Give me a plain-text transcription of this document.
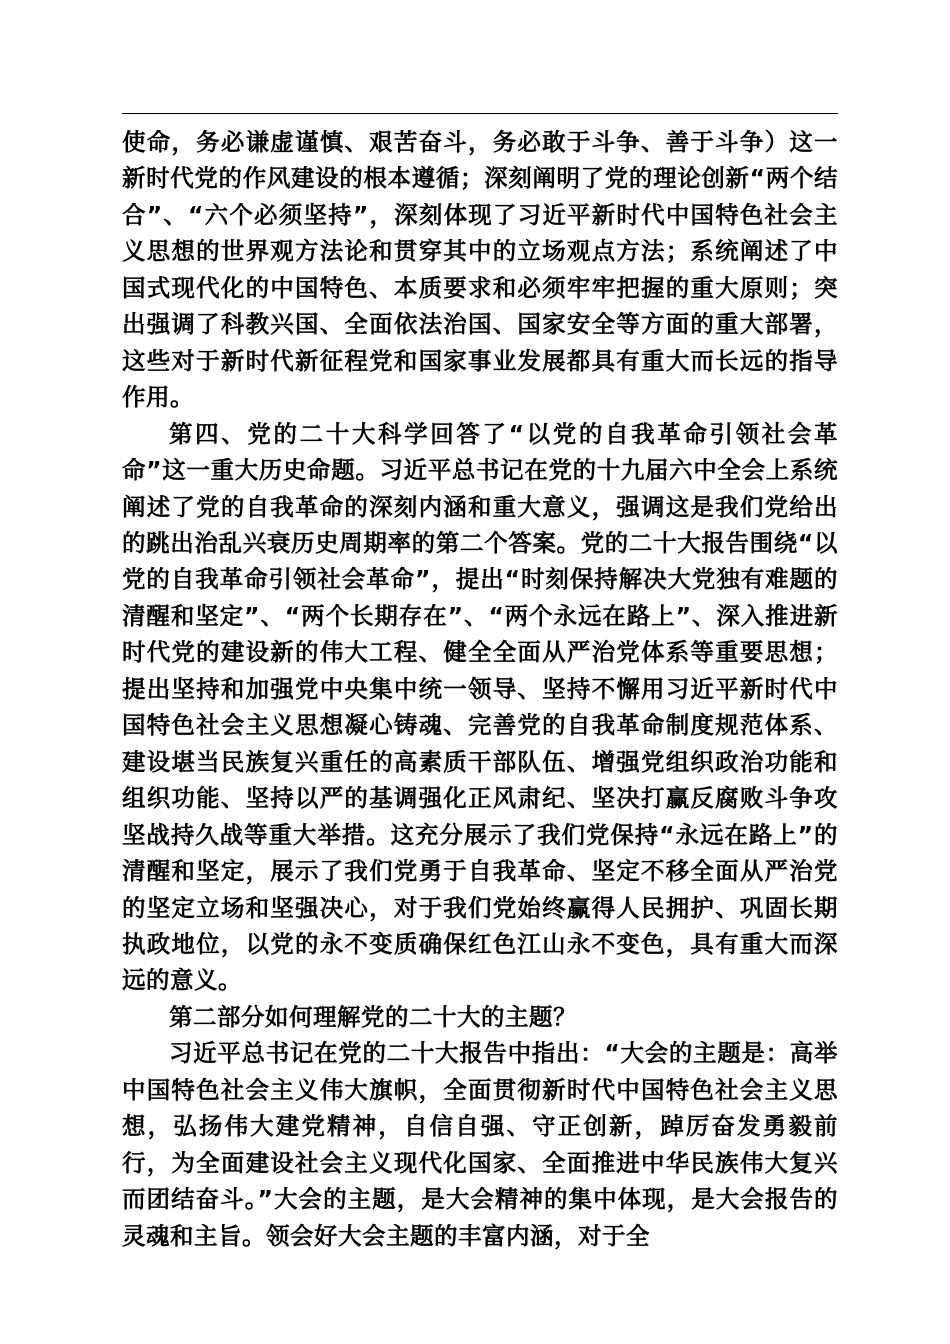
使命，务必谦虚谨慎、艰苦奋斗，务必敢于斗争、善于斗争）这一新时代党的作风建设的根本遵循；深刻阐明了党的理论创新“两个结合”、“六个必须坚持”，深刻体现了习近平新时代中国特色社会主义思想的世界观方法论和贯穿其中的立场观点方法；系统阐述了中国式现代化的中国特色、本质要求和必须牢牢把握的重大原则；突出强调了科教兴国、全面依法治国、国家安全等方面的重大部署，这些对于新时代新征程党和国家事业发展都具有重大而长远的指导作用。

第四、党的二十大科学回答了“以党的自我革命引领社会革命”这一重大历史命题。习近平总书记在党的十九届六中全会上系统阐述了党的自我革命的深刻内涵和重大意义，强调这是我们党给出的跳出治乱兴衰历史周期率的第二个答案。党的二十大报告围绕“以党的自我革命引领社会革命”，提出“时刻保持解决大党独有难题的清醒和坚定”、“两个长期存在”、“两个永远在路上”、深入推进新时代党的建设新的伟大工程、健全全面从严治党体系等重要思想；提出坚持和加强党中央集中统一领导、坚持不懈用习近平新时代中国特色社会主义思想凝心铸魂、完善党的自我革命制度规范体系、建设堪当民族复兴重任的高素质干部队伍、增强党组织政治功能和组织功能、坚持以严的基调强化正风肃纪、坚决打赢反腐败斗争攻坚战持久战等重大举措。这充分展示了我们党保持“永远在路上”的清醒和坚定，展示了我们党勇于自我革命、坚定不移全面从严治党的坚定立场和坚强决心，对于我们党始终赢得人民拥护、巩固长期执政地位，以党的永不变质确保红色江山永不变色，具有重大而深远的意义。

第二部分如何理解党的二十大的主题？

习近平总书记在党的二十大报告中指出：“大会的主题是：高举中国特色社会主义伟大旗帜，全面贯彻新时代中国特色社会主义思想，弘扬伟大建党精神，自信自强、守正创新，踔厉奋发勇毅前行，为全面建设社会主义现代化国家、全面推进中华民族伟大复兴而团结奋斗。”大会的主题，是大会精神的集中体现，是大会报告的灵魂和主旨。领会好大会主题的丰富内涵，对于全
